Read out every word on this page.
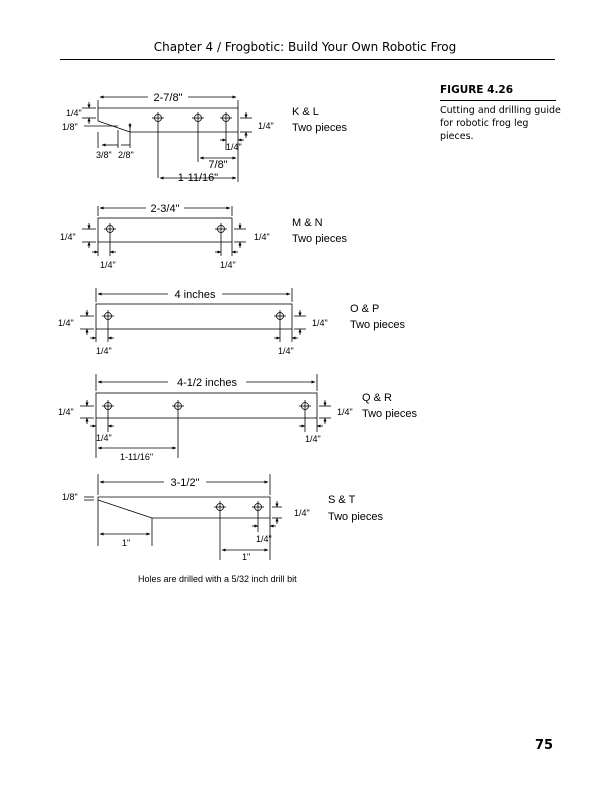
Chapter 4 / Frogbotic: Build Your Own Robotic Frog
FIGURE 4.26
Cutting and drilling guide for robotic frog leg pieces.
2-7/8"
1/4"
1/8"	1/4"
1/4"
3/8" 2/8"
7/8"
1-11/16"
K & L
Two pieces
2-3/4"
1/4"	1/4"
1/4"	1/4"
M & N
Two pieces
4 inches
1/4"	1/4"
1/4"	1/4"
O & P
Two pieces
4-1/2 inches
1/4"	1/4"
1/4"	1/4"
1-11/16"
Q & R
Two pieces
3-1/2"
1/8"
1/4"
1/4"
1"
1"
S & T
Two pieces
Holes are drilled with a 5/32 inch drill bit
75
